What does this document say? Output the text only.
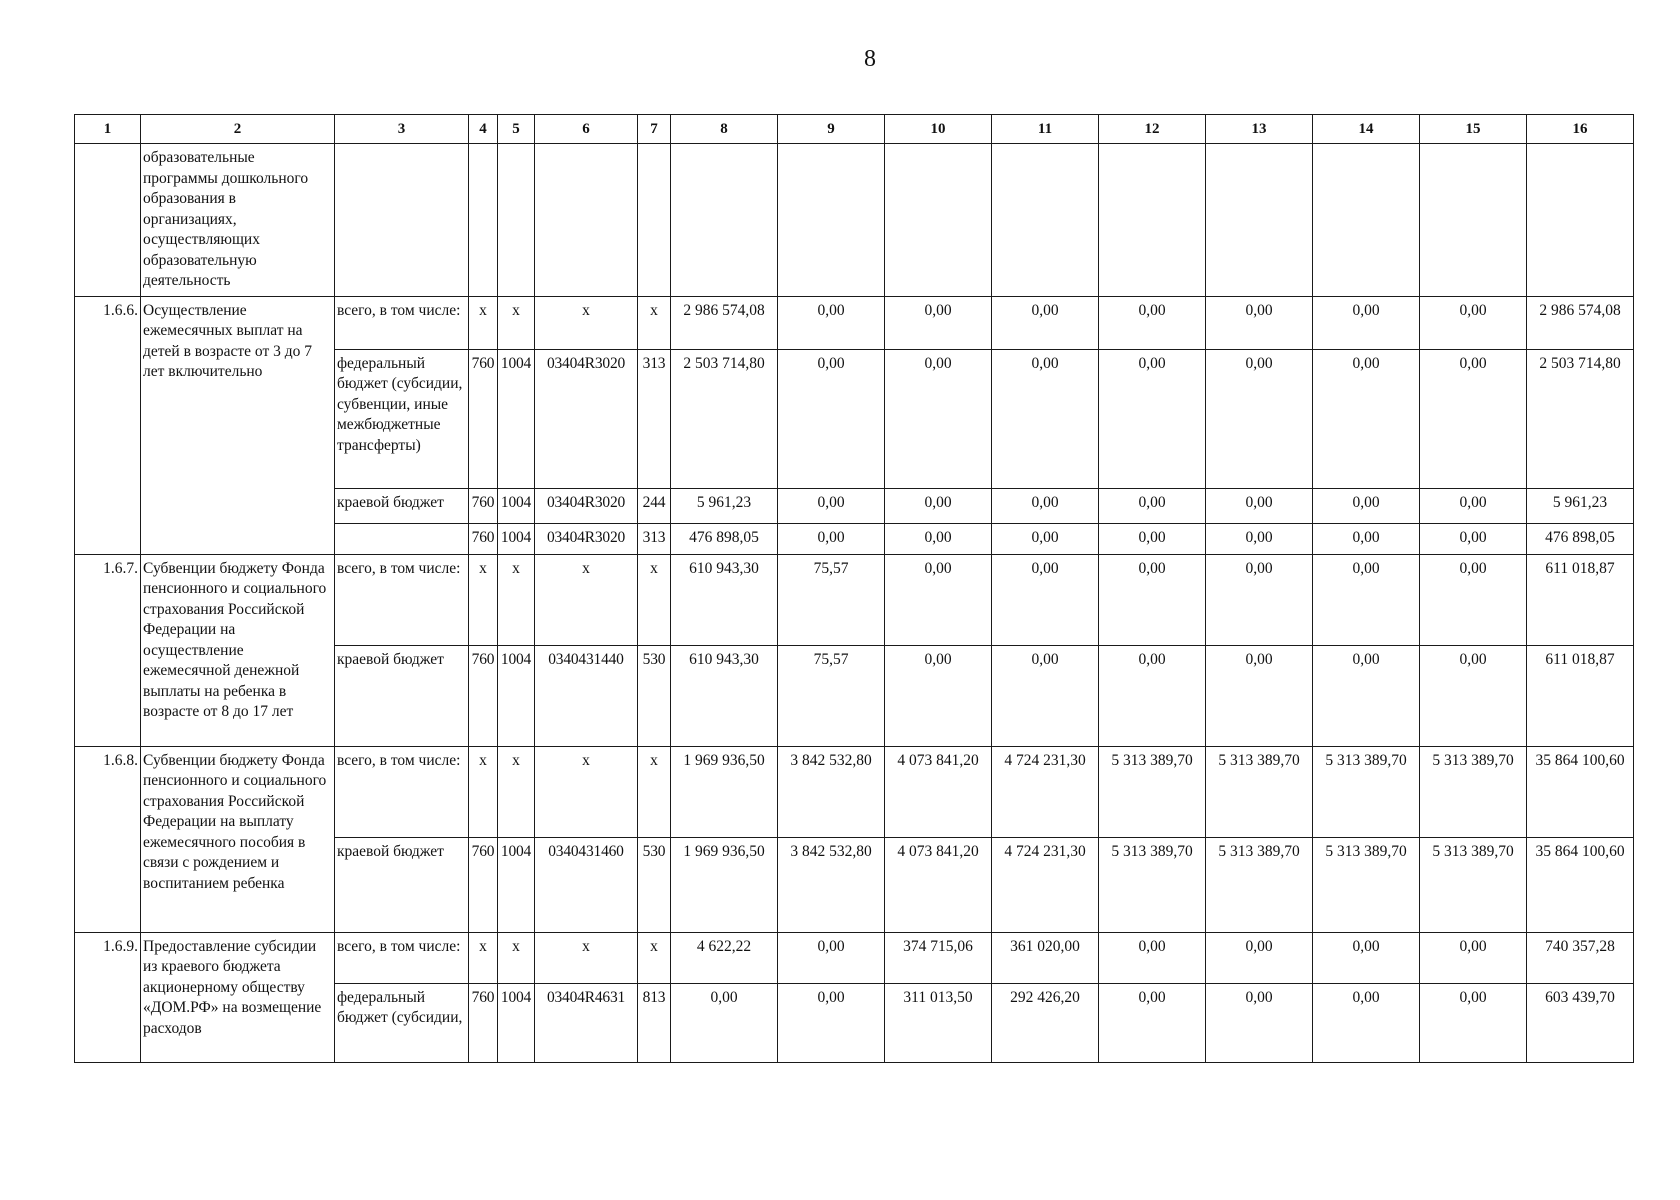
8
1	2	3	4	5	6	7	8	9	10	11	12	13	14	15	16
	образовательные программы дошкольного образования в организациях, осуществляющих образовательную деятельность														
1.6.6.	Осуществление ежемесячных выплат на детей в возрасте от 3 до 7 лет включительно	всего, в том числе:	x	x	x	x	2 986 574,08	0,00	0,00	0,00	0,00	0,00	0,00	0,00	2 986 574,08
		федеральный бюджет (субсидии, субвенции, иные межбюджетные трансферты)	760	1004	03404R3020	313	2 503 714,80	0,00	0,00	0,00	0,00	0,00	0,00	0,00	2 503 714,80
		краевой бюджет	760	1004	03404R3020	244	5 961,23	0,00	0,00	0,00	0,00	0,00	0,00	0,00	5 961,23
			760	1004	03404R3020	313	476 898,05	0,00	0,00	0,00	0,00	0,00	0,00	0,00	476 898,05
1.6.7.	Субвенции бюджету Фонда пенсионного и социального страхования Российской Федерации на осуществление ежемесячной денежной выплаты на ребенка в возрасте от 8 до 17 лет	всего, в том числе:	x	x	x	x	610 943,30	75,57	0,00	0,00	0,00	0,00	0,00	0,00	611 018,87
		краевой бюджет	760	1004	0340431440	530	610 943,30	75,57	0,00	0,00	0,00	0,00	0,00	0,00	611 018,87
1.6.8.	Субвенции бюджету Фонда пенсионного и социального страхования Российской Федерации на выплату ежемесячного пособия в связи с рождением и воспитанием ребенка	всего, в том числе:	x	x	x	x	1 969 936,50	3 842 532,80	4 073 841,20	4 724 231,30	5 313 389,70	5 313 389,70	5 313 389,70	5 313 389,70	35 864 100,60
		краевой бюджет	760	1004	0340431460	530	1 969 936,50	3 842 532,80	4 073 841,20	4 724 231,30	5 313 389,70	5 313 389,70	5 313 389,70	5 313 389,70	35 864 100,60
1.6.9.	Предоставление субсидии из краевого бюджета акционерному обществу «ДОМ.РФ» на возмещение расходов	всего, в том числе:	x	x	x	x	4 622,22	0,00	374 715,06	361 020,00	0,00	0,00	0,00	0,00	740 357,28
		федеральный бюджет (субсидии,	760	1004	03404R4631	813	0,00	0,00	311 013,50	292 426,20	0,00	0,00	0,00	0,00	603 439,70
